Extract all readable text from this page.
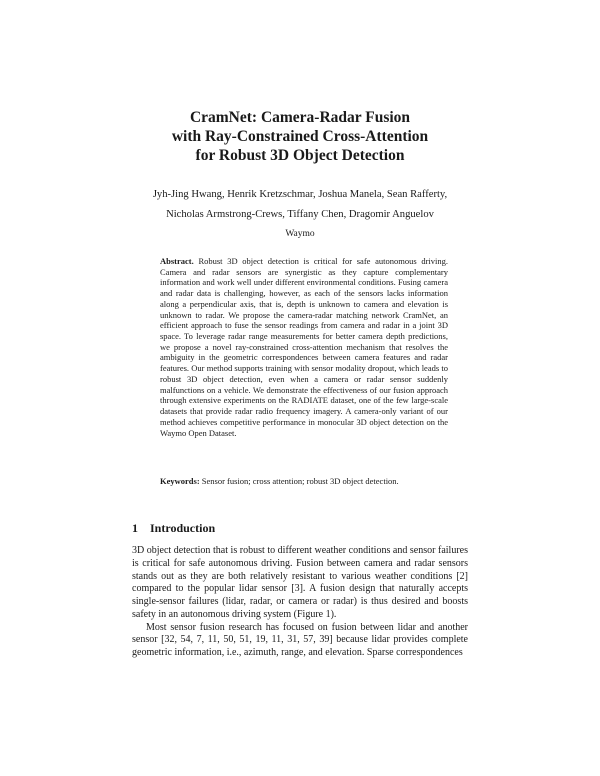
CramNet: Camera-Radar Fusion
with Ray-Constrained Cross-Attention
for Robust 3D Object Detection
Jyh-Jing Hwang, Henrik Kretzschmar, Joshua Manela, Sean Rafferty,
Nicholas Armstrong-Crews, Tiffany Chen, Dragomir Anguelov
Waymo
Abstract. Robust 3D object detection is critical for safe autonomous driving. Camera and radar sensors are synergistic as they capture complementary information and work well under different environmental conditions. Fusing camera and radar data is challenging, however, as each of the sensors lacks information along a perpendicular axis, that is, depth is unknown to camera and elevation is unknown to radar. We propose the camera-radar matching network CramNet, an efficient approach to fuse the sensor readings from camera and radar in a joint 3D space. To leverage radar range measurements for better camera depth predictions, we propose a novel ray-constrained cross-attention mechanism that resolves the ambiguity in the geometric correspondences between camera features and radar features. Our method supports training with sensor modality dropout, which leads to robust 3D object detection, even when a camera or radar sensor suddenly malfunctions on a vehicle. We demonstrate the effectiveness of our fusion approach through extensive experiments on the RADIATE dataset, one of the few large-scale datasets that provide radar radio frequency imagery. A camera-only variant of our method achieves competitive performance in monocular 3D object detection on the Waymo Open Dataset.
Keywords: Sensor fusion; cross attention; robust 3D object detection.
1 Introduction

3D object detection that is robust to different weather conditions and sensor failures is critical for safe autonomous driving. Fusion between camera and radar sensors stands out as they are both relatively resistant to various weather conditions [2] compared to the popular lidar sensor [3]. A fusion design that naturally accepts single-sensor failures (lidar, radar, or camera or radar) is thus desired and boosts safety in an autonomous driving system (Figure 1).

Most sensor fusion research has focused on fusion between lidar and another sensor [32, 54, 7, 11, 50, 51, 19, 11, 31, 57, 39] because lidar provides complete geometric information, i.e., azimuth, range, and elevation. Sparse correspondences
